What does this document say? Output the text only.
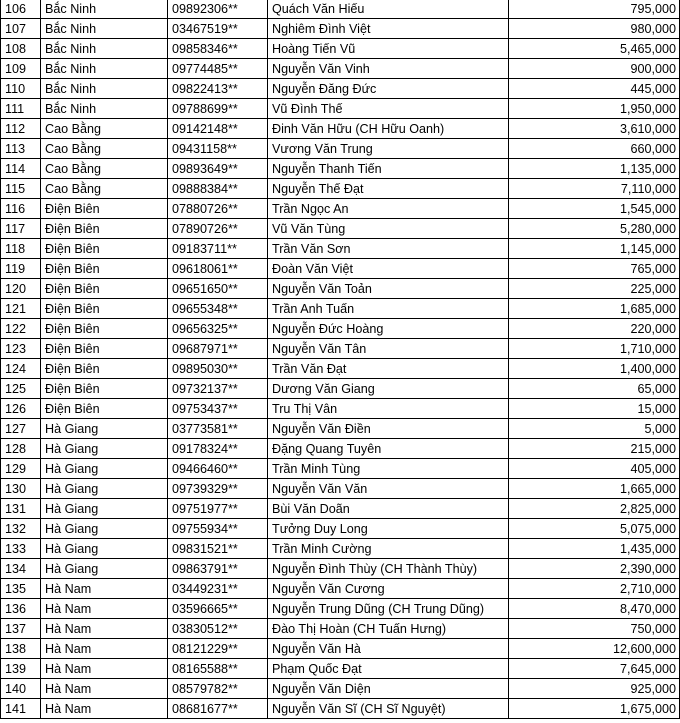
106	Bắc Ninh	09892306**	Quách Văn Hiếu	795,000
107	Bắc Ninh	03467519**	Nghiêm Đình Việt	980,000
108	Bắc Ninh	09858346**	Hoàng Tiến Vũ	5,465,000
109	Bắc Ninh	09774485**	Nguyễn Văn Vinh	900,000
110	Bắc Ninh	09822413**	Nguyễn Đăng Đức	445,000
111	Bắc Ninh	09788699**	Vũ Đình Thế	1,950,000
112	Cao Bằng	09142148**	Đinh Văn Hữu (CH Hữu Oanh)	3,610,000
113	Cao Bằng	09431158**	Vương Văn Trung	660,000
114	Cao Bằng	09893649**	Nguyễn Thanh Tiến	1,135,000
115	Cao Bằng	09888384**	Nguyễn Thế Đạt	7,110,000
116	Điện Biên	07880726**	Trần Ngọc An	1,545,000
117	Điện Biên	07890726**	Vũ Văn Tùng	5,280,000
118	Điện Biên	09183711**	Trần Văn Sơn	1,145,000
119	Điện Biên	09618061**	Đoàn Văn Việt	765,000
120	Điện Biên	09651650**	Nguyễn Văn Toản	225,000
121	Điện Biên	09655348**	Trần Anh Tuấn	1,685,000
122	Điện Biên	09656325**	Nguyễn Đức Hoàng	220,000
123	Điện Biên	09687971**	Nguyễn Văn Tân	1,710,000
124	Điện Biên	09895030**	Trần Văn Đạt	1,400,000
125	Điện Biên	09732137**	Dương Văn Giang	65,000
126	Điện Biên	09753437**	Tru Thị Vân	15,000
127	Hà Giang	03773581**	Nguyễn Văn Điền	5,000
128	Hà Giang	09178324**	Đặng Quang Tuyên	215,000
129	Hà Giang	09466460**	Trần Minh Tùng	405,000
130	Hà Giang	09739329**	Nguyễn Văn Văn	1,665,000
131	Hà Giang	09751977**	Bùi Văn Doãn	2,825,000
132	Hà Giang	09755934**	Tưởng Duy Long	5,075,000
133	Hà Giang	09831521**	Trần Minh Cường	1,435,000
134	Hà Giang	09863791**	Nguyễn Đình Thùy (CH Thành Thùy)	2,390,000
135	Hà Nam	03449231**	Nguyễn Văn Cương	2,710,000
136	Hà Nam	03596665**	Nguyễn Trung Dũng (CH Trung Dũng)	8,470,000
137	Hà Nam	03830512**	Đào Thị Hoàn (CH Tuấn Hưng)	750,000
138	Hà Nam	08121229**	Nguyễn Văn Hà	12,600,000
139	Hà Nam	08165588**	Phạm Quốc Đạt	7,645,000
140	Hà Nam	08579782**	Nguyễn Văn Diện	925,000
141	Hà Nam	08681677**	Nguyễn Văn Sĩ (CH Sĩ Nguyệt)	1,675,000
